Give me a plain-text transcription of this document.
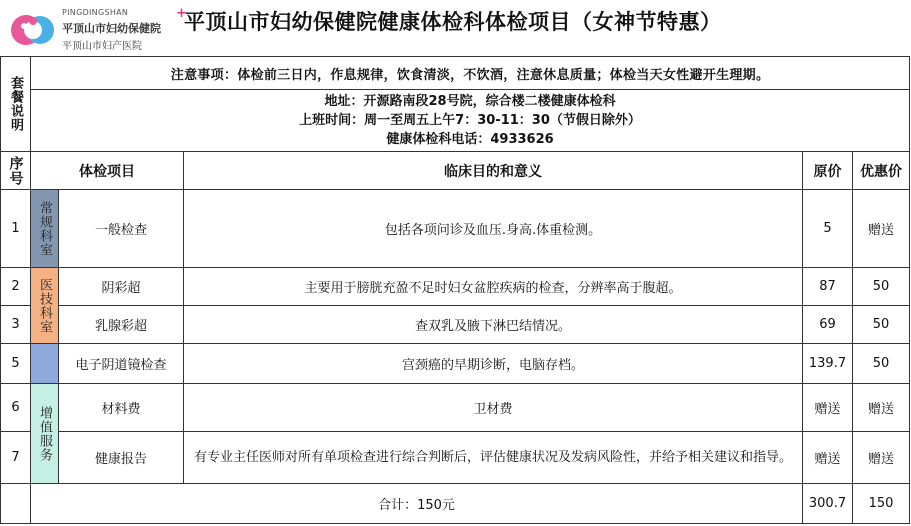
PINGDINGSHAN
平顶山市妇幼保健院
+
平顶山市妇产医院
平顶山市妇幼保健院健康体检科体检项目（女神节特惠）
套餐说明	注意事项：体检前三日内，作息规律，饮食清淡，不饮酒，注意休息质量；体检当天女性避开生理期。				

	地址：开源路南段28号院，综合楼二楼健康体检科
上班时间：周一至周五上午7：30-11：30（节假日除外）
健康体检科电话：4933626				

序号	体检项目		临床目的和意义	原价	优惠价
1	常规科室	一般检查	包括各项问诊及血压.身高.体重检测。	5	赠送
2	医技科室	阴彩超	主要用于膀胱充盈不足时妇女盆腔疾病的检查，分辨率高于腹超。	87	50
3		乳腺彩超	查双乳及腋下淋巴结情况。	69	50
5		电子阴道镜检查	宫颈癌的早期诊断，电脑存档。	139.7	50
6	增值服务	材料费	卫材费	赠送	赠送
7		健康报告	有专业主任医师对所有单项检查进行综合判断后，评估健康状况及发病风险性，并给予相关建议和指导。	赠送	赠送
	合计：150元			300.7	150
